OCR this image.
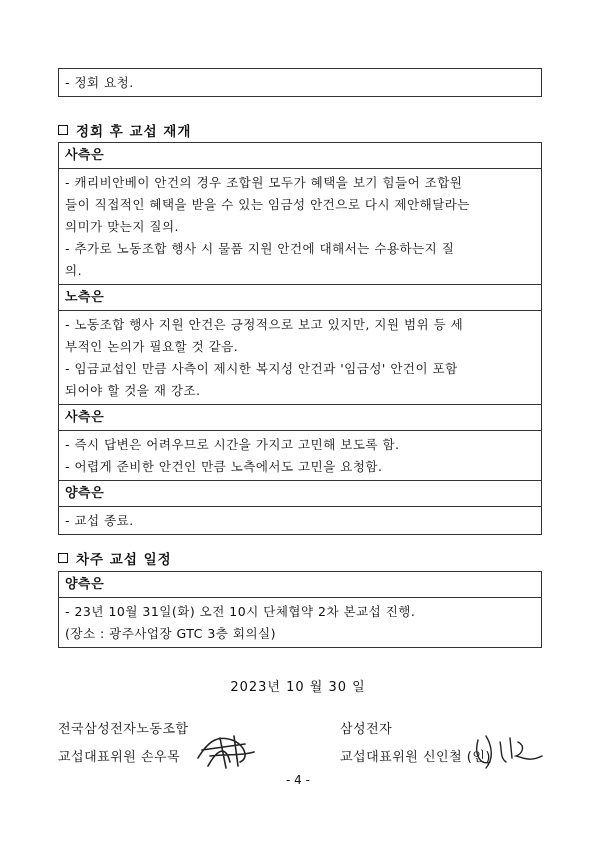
- 정회 요청.
정회 후 교섭 재개
사측은
- 캐리비안베이 안건의 경우 조합원 모두가 혜택을 보기 힘들어 조합원
들이 직접적인 혜택을 받을 수 있는 임금성 안건으로 다시 제안해달라는
의미가 맞는지 질의.
- 추가로 노동조합 행사 시 물품 지원 안건에 대해서는 수용하는지 질
의.
노측은
- 노동조합 행사 지원 안건은 긍정적으로 보고 있지만, 지원 범위 등 세
부적인 논의가 필요할 것 같음.
- 임금교섭인 만큼 사측이 제시한 복지성 안건과 '임금성' 안건이 포함
되어야 할 것을 재 강조.
사측은
- 즉시 답변은 어려우므로 시간을 가지고 고민해 보도록 함.
- 어렵게 준비한 안건인 만큼 노측에서도 고민을 요청함.
양측은
- 교섭 종료.
차주 교섭 일정
양측은
- 23년 10월 31일(화) 오전 10시 단체협약 2차 본교섭 진행.
(장소 : 광주사업장 GTC 3층 회의실)
2023년 10 월 30 일
전국삼성전자노동조합
교섭대표위원 손우목
삼성전자
교섭대표위원 신인철 (인)
- 4 -
